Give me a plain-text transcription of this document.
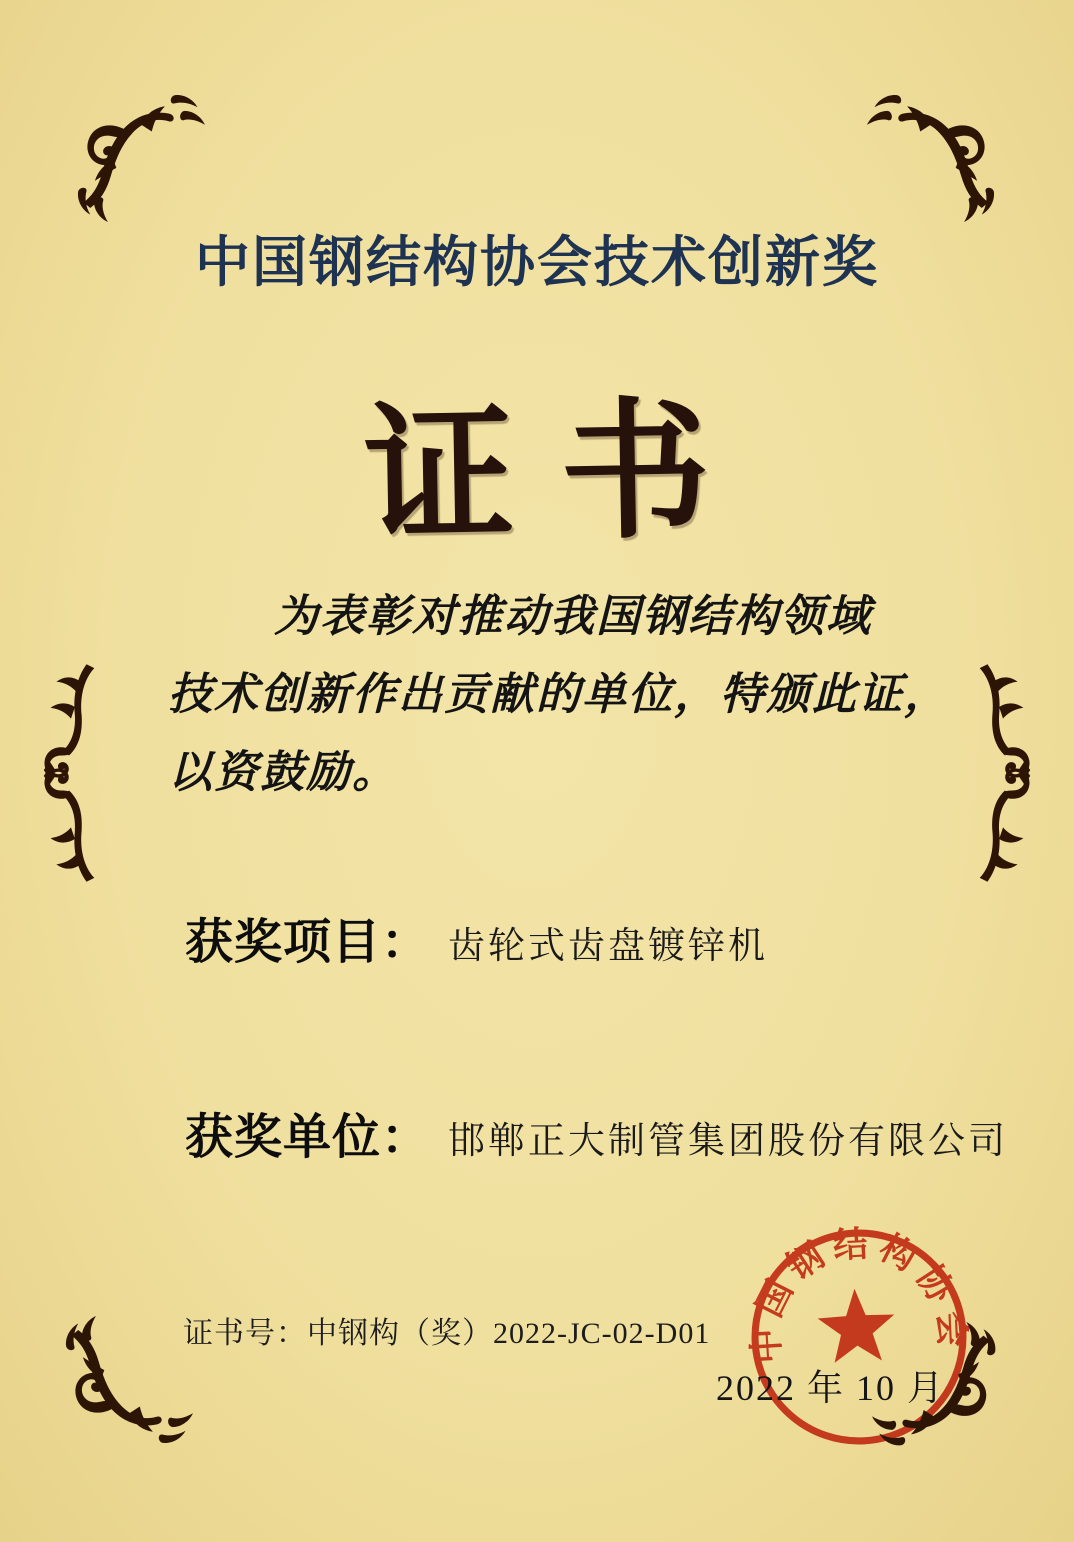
中国钢结构协会技术创新奖
证书
为表彰对推动我国钢结构领域
技术创新作出贡献的单位，特颁此证，
以资鼓励。
获奖项目： 齿轮式齿盘镀锌机
获奖单位： 邯郸正大制管集团股份有限公司
证书号：中钢构（奖）2022-JC-02-D01
2022 年 10 月
中国钢结构协会
